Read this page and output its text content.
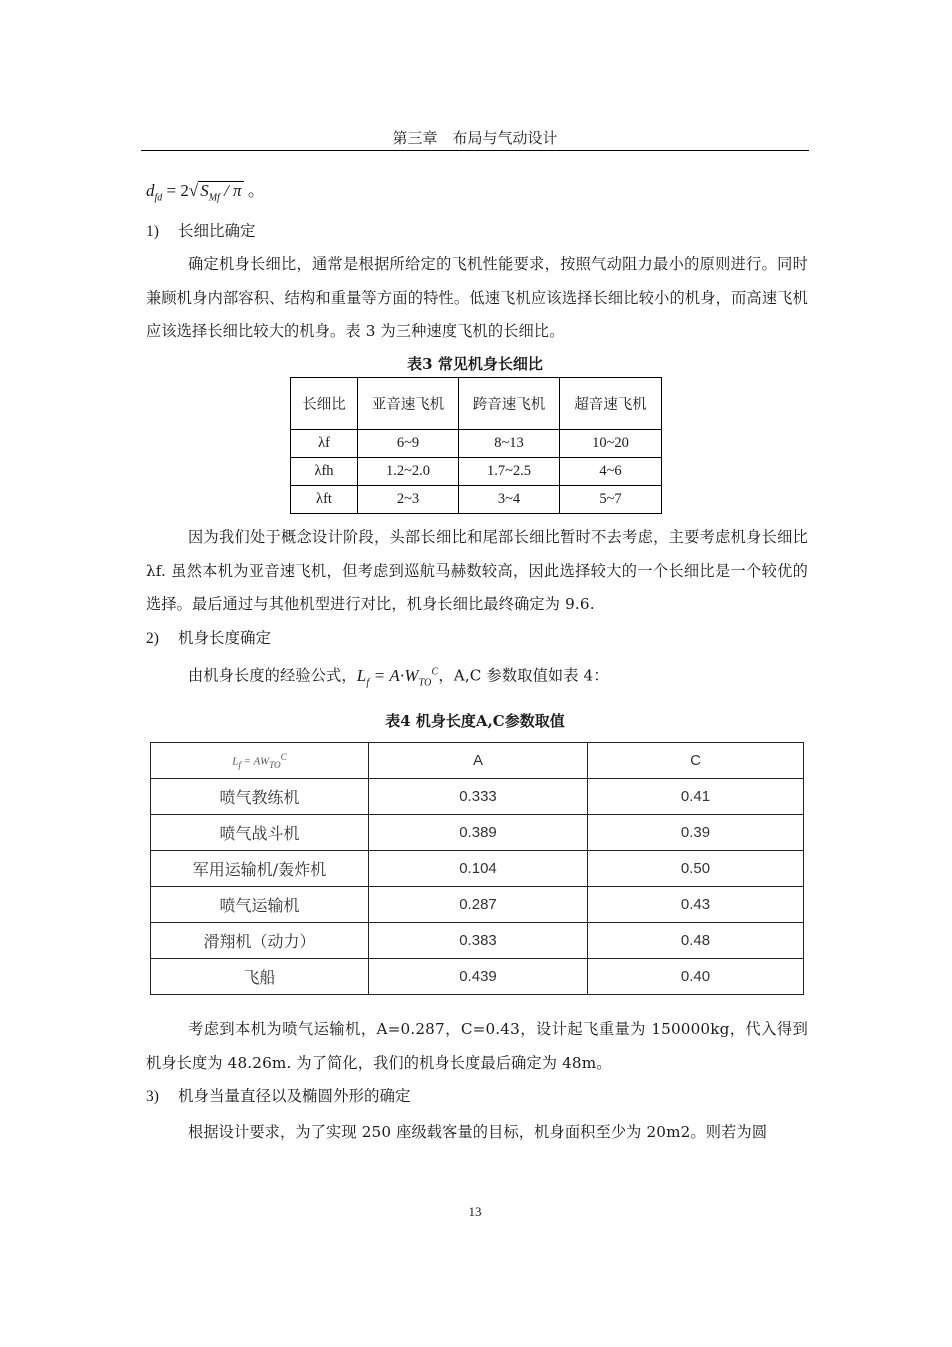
第三章　布局与气动设计
$d_{fd} = 2√$ $S_{Mf}$ / π 。
1) 长细比确定
确定机身长细比，通常是根据所给定的飞机性能要求，按照气动阻力最小的原则进行。同时兼顾机身内部容积、结构和重量等方面的特性。低速飞机应该选择长细比较小的机身，而高速飞机应该选择长细比较大的机身。表 3 为三种速度飞机的长细比。
表3 常见机身长细比
长细比	亚音速飞机	跨音速飞机	超音速飞机
λf	6~9	8~13	10~20
λfh	1.2~2.0	1.7~2.5	4~6
λft	2~3	3~4	5~7
因为我们处于概念设计阶段，头部长细比和尾部长细比暂时不去考虑，主要考虑机身长细比 λf. 虽然本机为亚音速飞机，但考虑到巡航马赫数较高，因此选择较大的一个长细比是一个较优的选择。最后通过与其他机型进行对比，机身长细比最终确定为 9.6.
2) 机身长度确定
由机身长度的经验公式，$L_f = A\cdot W_{TO}^C$，A,C 参数取值如表 4：
表4 机身长度A,C参数取值
$L_f = AW_{TO}^C$	A	C
喷气教练机	0.333	0.41
喷气战斗机	0.389	0.39
军用运输机/轰炸机	0.104	0.50
喷气运输机	0.287	0.43
滑翔机（动力）	0.383	0.48
飞船	0.439	0.40
考虑到本机为喷气运输机，A=0.287，C=0.43，设计起飞重量为 150000kg，代入得到机身长度为 48.26m. 为了简化，我们的机身长度最后确定为 48m。
3) 机身当量直径以及椭圆外形的确定
根据设计要求，为了实现 250 座级载客量的目标，机身面积至少为 20m2。则若为圆
13
